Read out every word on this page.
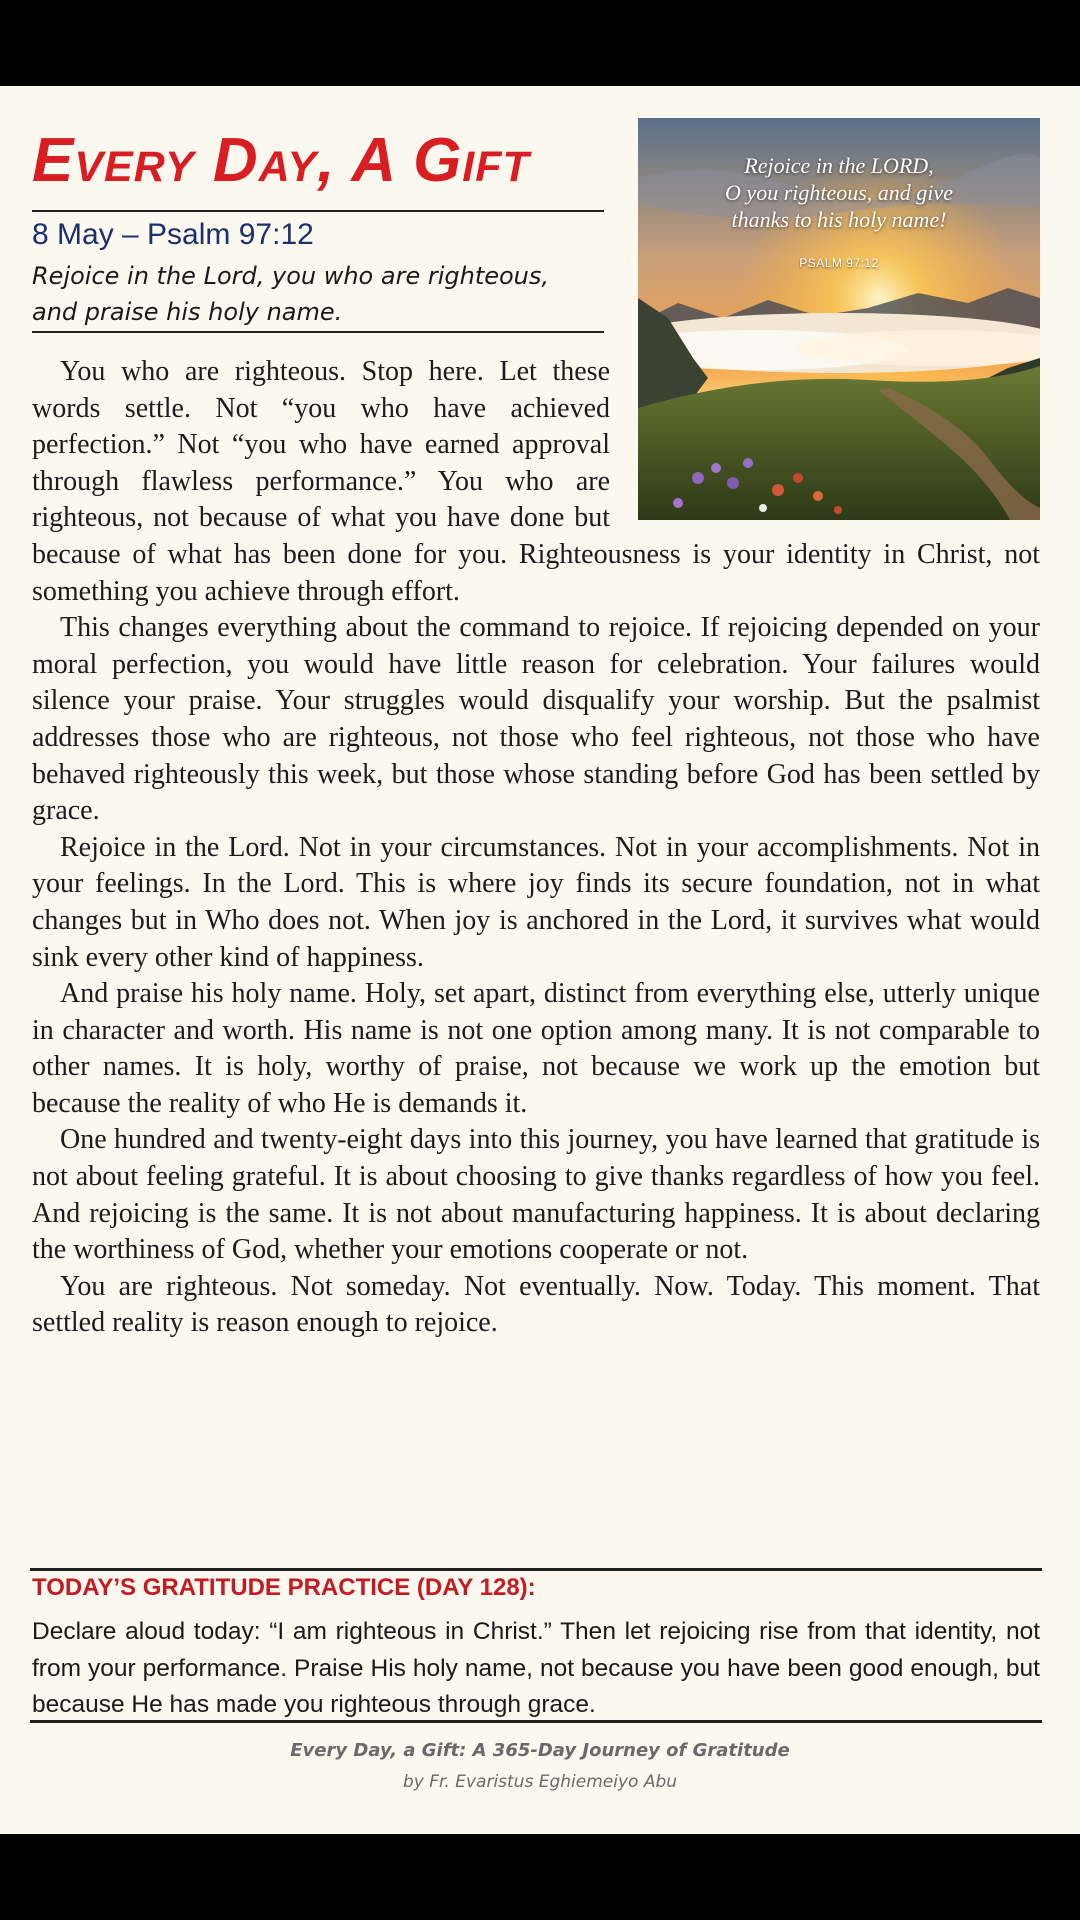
Every Day, A Gift
8 May – Psalm 97:12
Rejoice in the Lord, you who are righteous,
and praise his holy name.
Rejoice in the LORD,
O you righteous, and give
thanks to his holy name!
PSALM 97:12

You who are righteous. Stop here. Let these words settle. Not “you who have achieved perfection.” Not “you who have earned approval through flawless performance.” You who are righteous, not because of what you have done but because of what has been done for you. Righteousness is your identity in Christ, not something you achieve through effort.

This changes everything about the command to rejoice. If rejoicing depended on your moral perfection, you would have little reason for celebration. Your failures would silence your praise. Your struggles would disqualify your worship. But the psalmist addresses those who are righteous, not those who feel righteous, not those who have behaved righteously this week, but those whose standing before God has been settled by grace.

Rejoice in the Lord. Not in your circumstances. Not in your accomplishments. Not in your feelings. In the Lord. This is where joy finds its secure foundation, not in what changes but in Who does not. When joy is anchored in the Lord, it survives what would sink every other kind of happiness.

And praise his holy name. Holy, set apart, distinct from everything else, utterly unique in character and worth. His name is not one option among many. It is not comparable to other names. It is holy, worthy of praise, not because we work up the emotion but because the reality of who He is demands it.

One hundred and twenty-eight days into this journey, you have learned that gratitude is not about feeling grateful. It is about choosing to give thanks regardless of how you feel. And rejoicing is the same. It is not about manufacturing happiness. It is about declaring the worthiness of God, whether your emotions cooperate or not.

You are righteous. Not someday. Not eventually. Now. Today. This moment. That settled reality is reason enough to rejoice.

TODAY’S GRATITUDE PRACTICE (DAY 128):
Declare aloud today: “I am righteous in Christ.” Then let rejoicing rise from that identity, not from your performance. Praise His holy name, not because you have been good enough, but because He has made you righteous through grace.
Every Day, a Gift: A 365-Day Journey of Gratitude
by Fr. Evaristus Eghiemeiyo Abu
